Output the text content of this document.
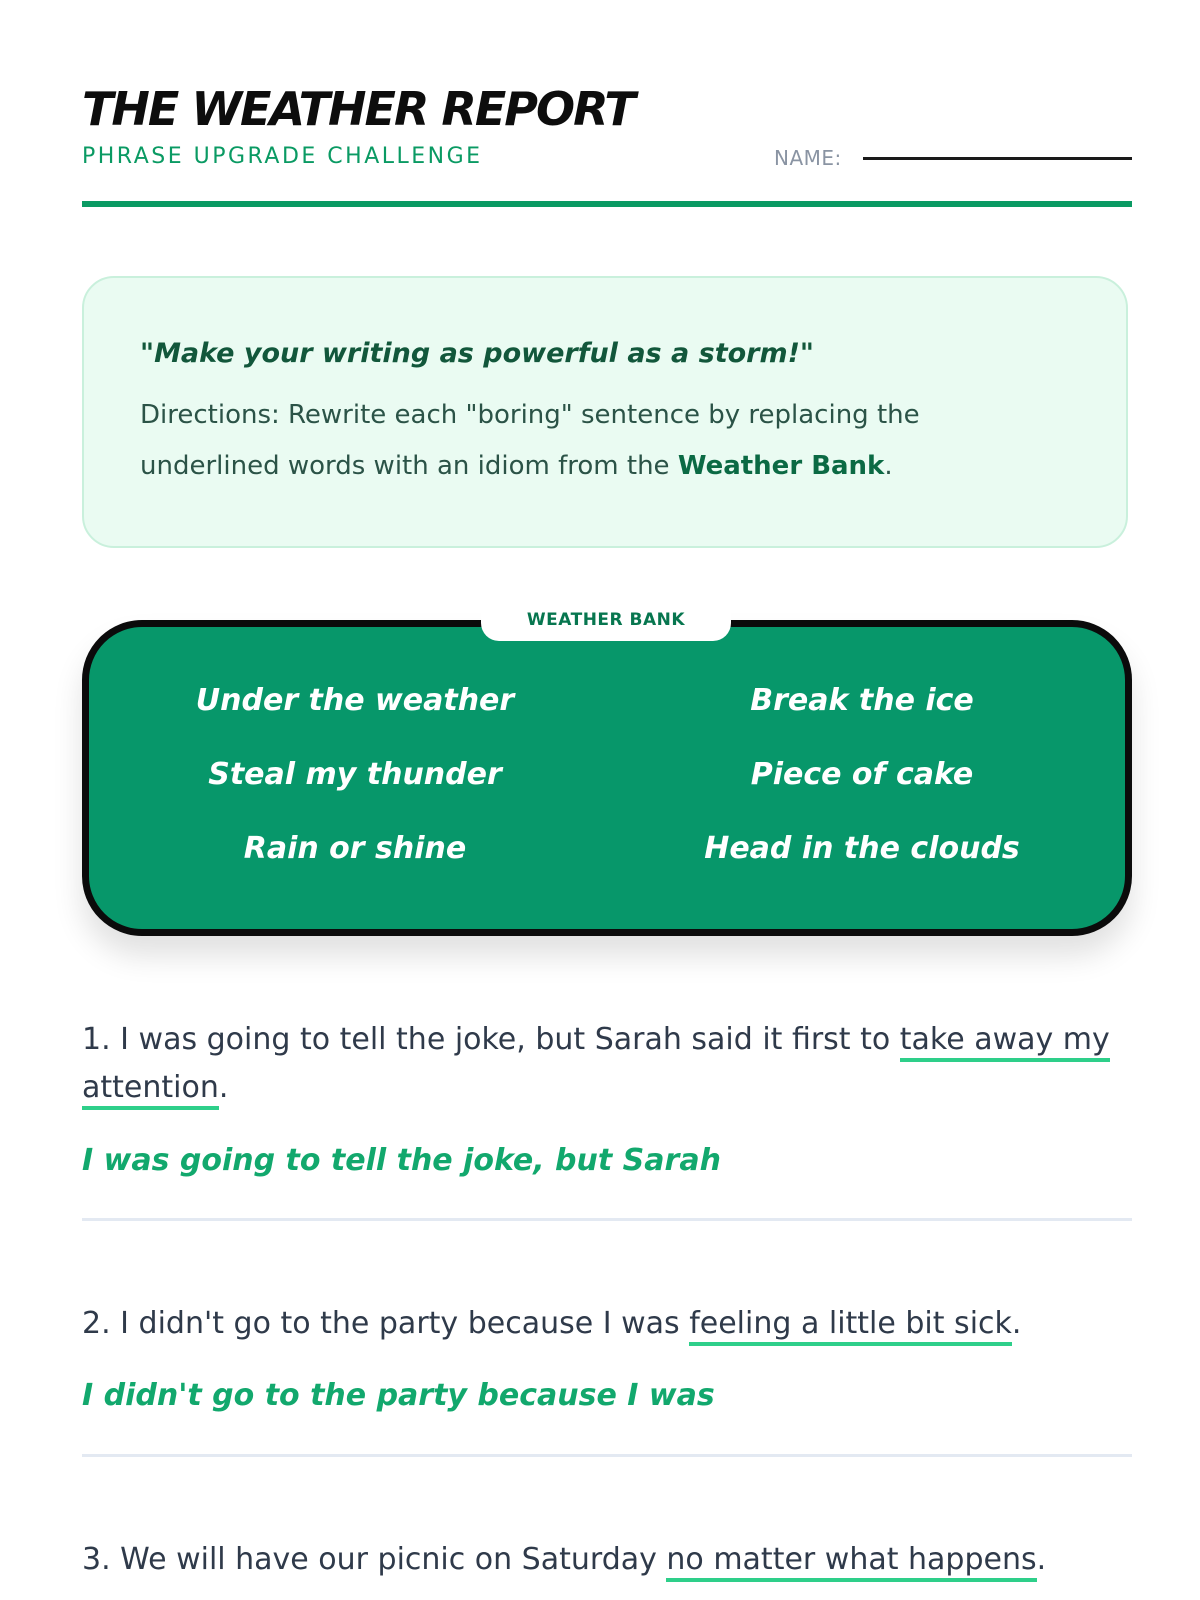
THE WEATHER REPORT
PHRASE UPGRADE CHALLENGE	NAME:
"Make your writing as powerful as a storm!"
Directions: Rewrite each "boring" sentence by replacing the underlined words with an idiom from the Weather Bank.
WEATHER BANK
Under the weather	Break the ice
Steal my thunder	Piece of cake
Rain or shine	Head in the clouds
1. I was going to tell the joke, but Sarah said it first to take away my attention.
I was going to tell the joke, but Sarah
2. I didn't go to the party because I was feeling a little bit sick.
I didn't go to the party because I was
3. We will have our picnic on Saturday no matter what happens.
